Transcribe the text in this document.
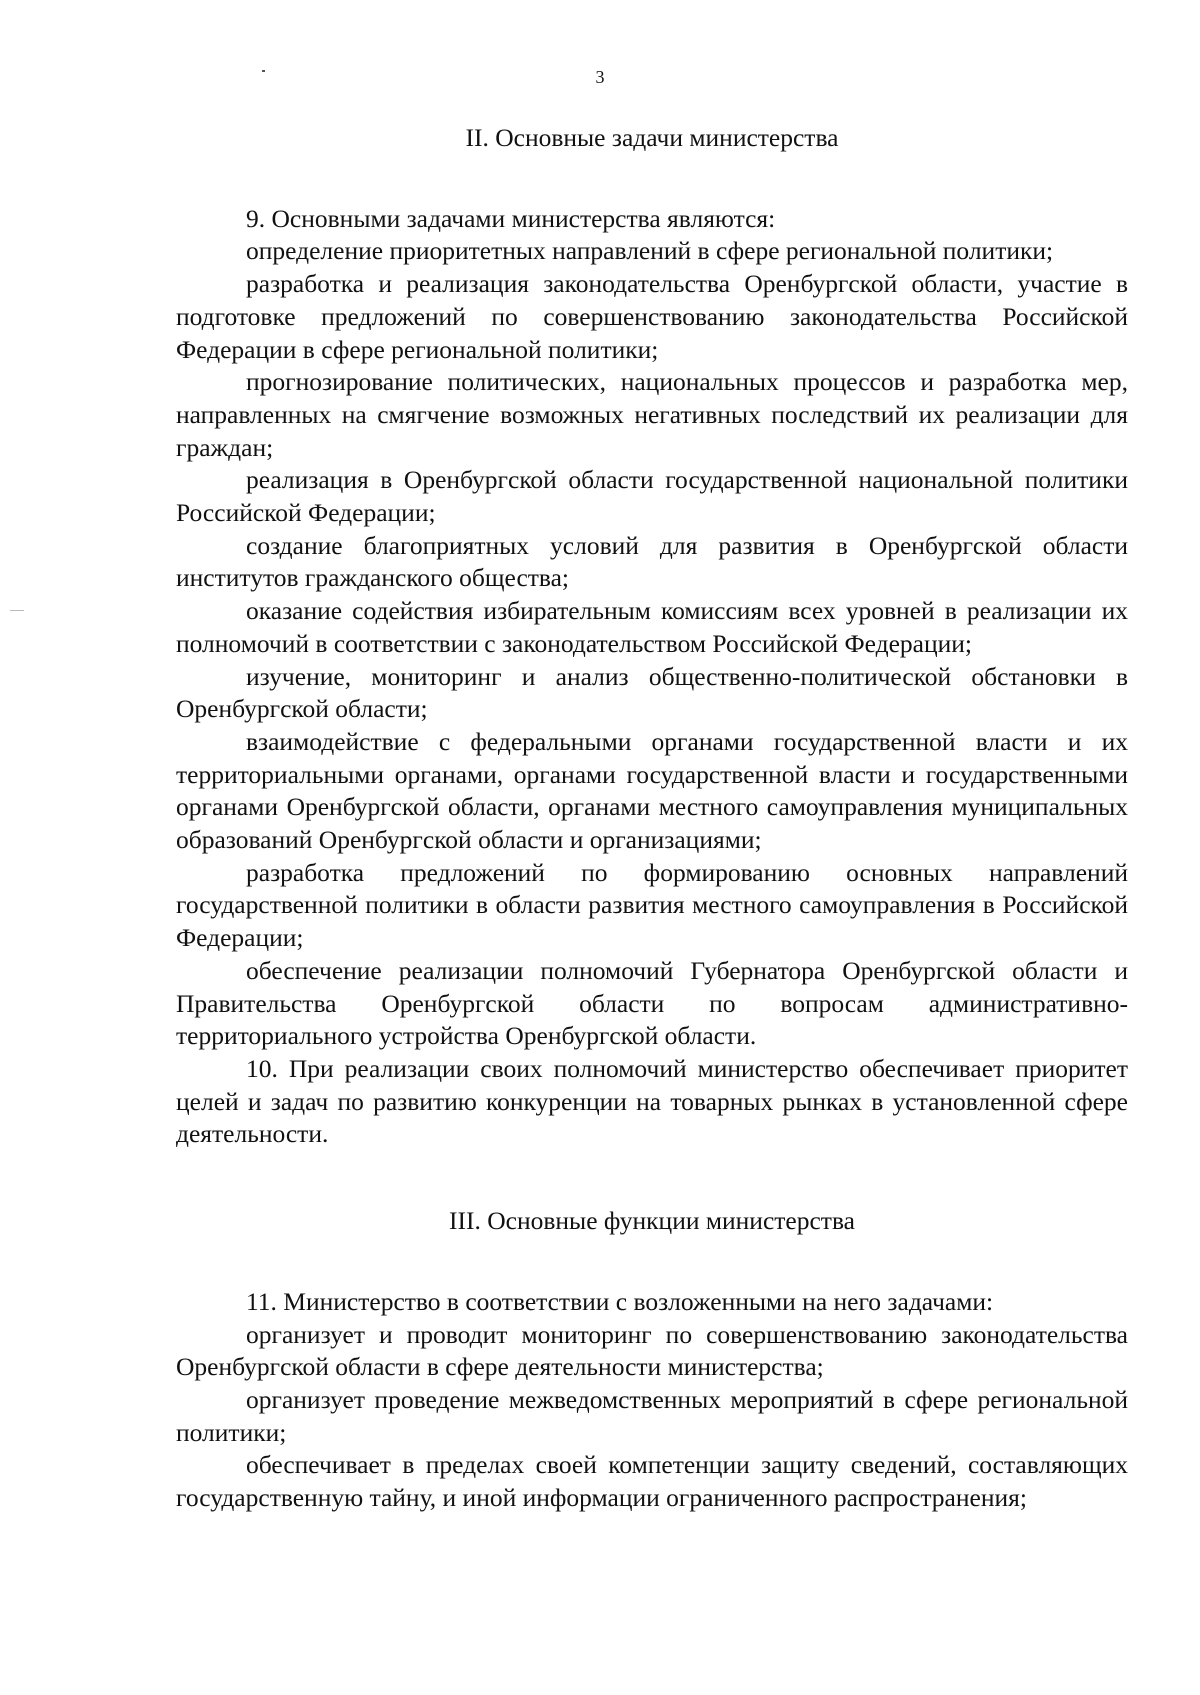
3
II. Основные задачи министерства

9. Основными задачами министерства являются:

определение приоритетных направлений в сфере региональной политики;

разработка и реализация законодательства Оренбургской области, участие в подготовке предложений по совершенствованию законодательства Российской Федерации в сфере региональной политики;

прогнозирование политических, национальных процессов и разработка мер, направленных на смягчение возможных негативных последствий их реализации для граждан;

реализация в Оренбургской области государственной национальной политики Российской Федерации;

создание благоприятных условий для развития в Оренбургской области институтов гражданского общества;

оказание содействия избирательным комиссиям всех уровней в реализации их полномочий в соответствии с законодательством Российской Федерации;

изучение, мониторинг и анализ общественно-политической обстановки в Оренбургской области;

взаимодействие с федеральными органами государственной власти и их территориальными органами, органами государственной власти и государственными органами Оренбургской области, органами местного самоуправления муниципальных образований Оренбургской области и организациями;

разработка предложений по формированию основных направлений государственной политики в области развития местного самоуправления в Российской Федерации;

обеспечение реализации полномочий Губернатора Оренбургской области и Правительства Оренбургской области по вопросам административно-территориального устройства Оренбургской области.

10. При реализации своих полномочий министерство обеспечивает приоритет целей и задач по развитию конкуренции на товарных рынках в установленной сфере деятельности.

III. Основные функции министерства

11. Министерство в соответствии с возложенными на него задачами:

организует и проводит мониторинг по совершенствованию законодательства Оренбургской области в сфере деятельности министерства;

организует проведение межведомственных мероприятий в сфере региональной политики;

обеспечивает в пределах своей компетенции защиту сведений, составляющих государственную тайну, и иной информации ограниченного распространения;
